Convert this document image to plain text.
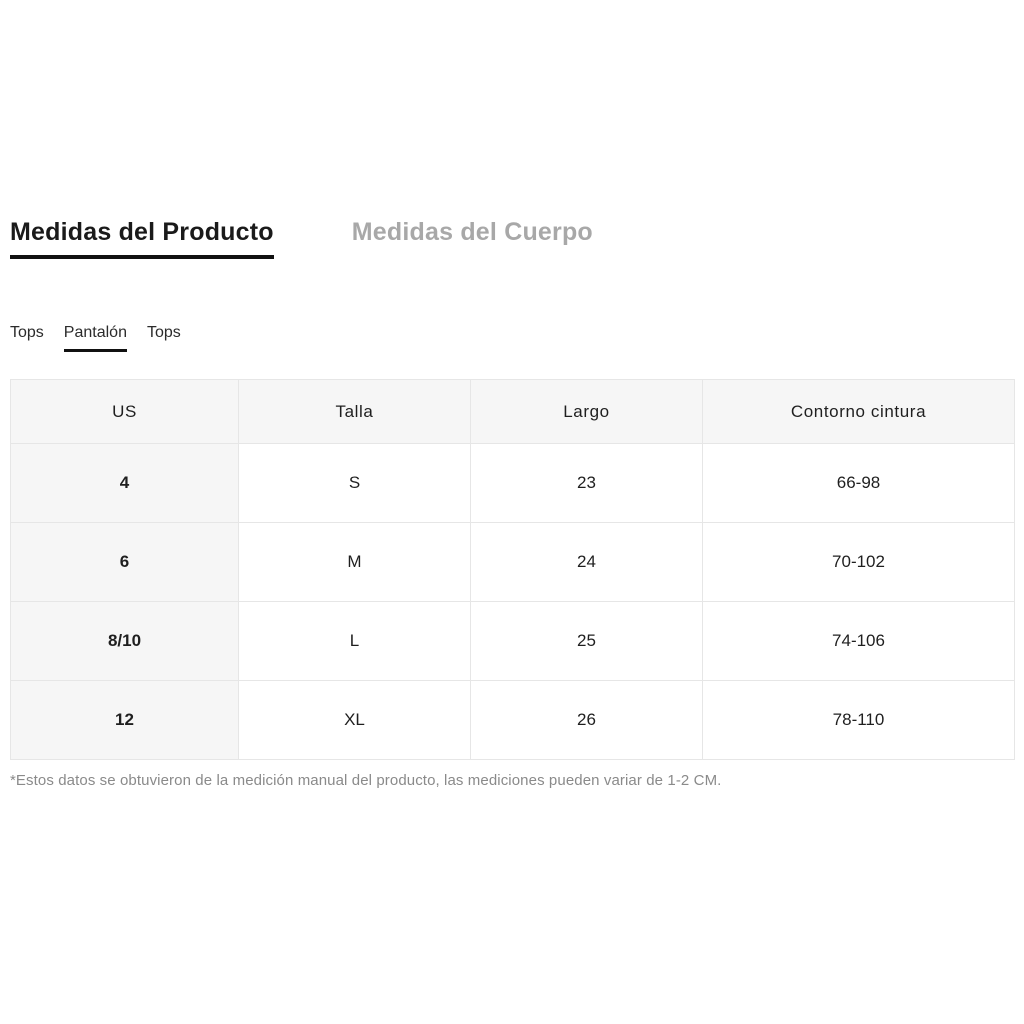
Medidas del Producto	Medidas del Cuerpo
Tops Pantalón Tops
US	Talla	Largo	Contorno cintura
4	S	23	66-98
6	M	24	70-102
8/10	L	25	74-106
12	XL	26	78-110
*Estos datos se obtuvieron de la medición manual del producto, las mediciones pueden variar de 1-2 CM.
